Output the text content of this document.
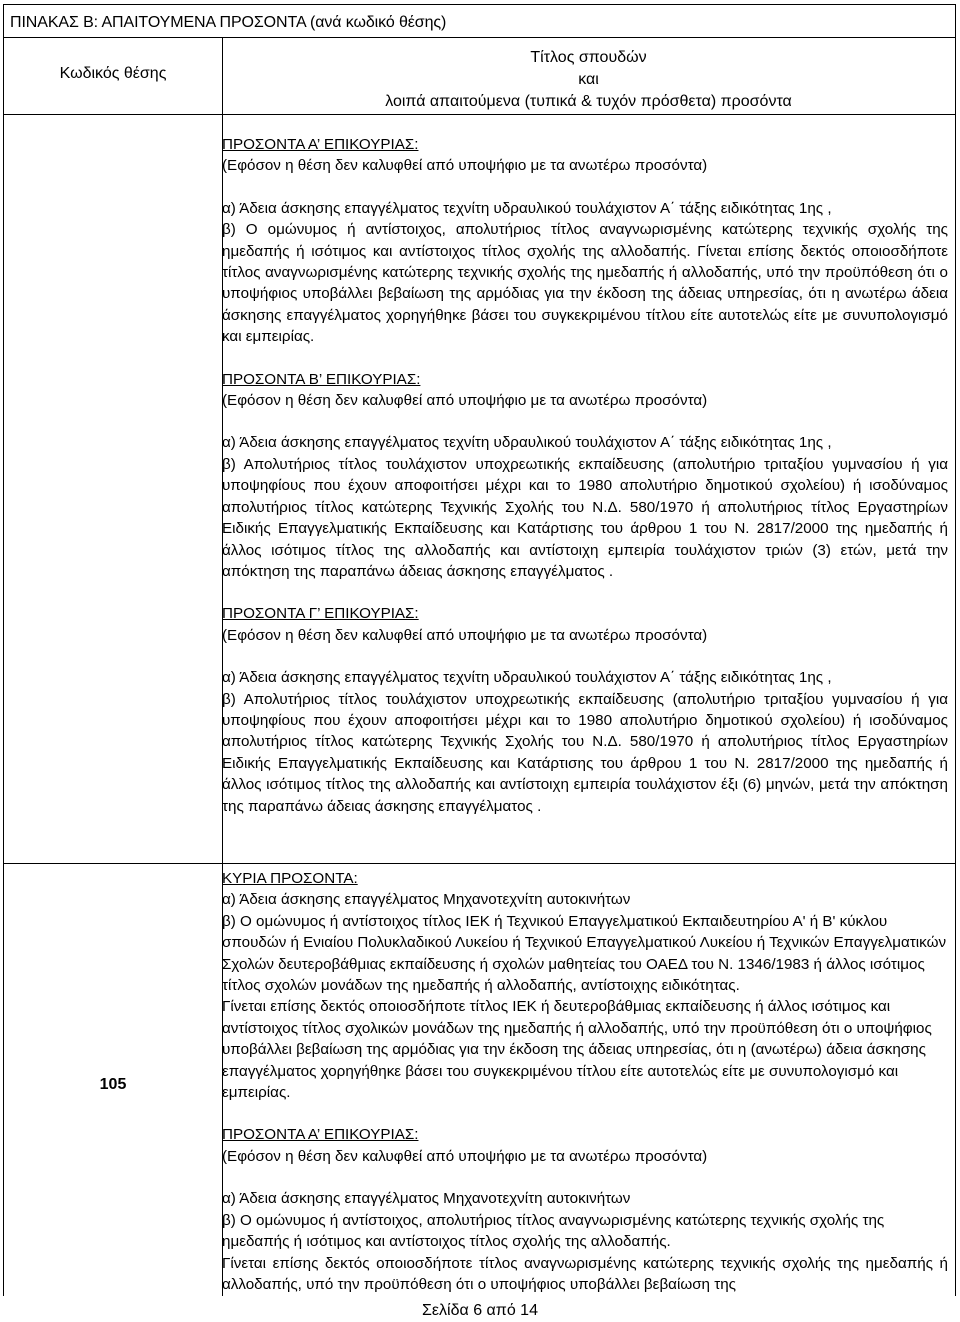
ΠΙΝΑΚΑΣ Β: ΑΠΑΙΤΟΥΜΕΝΑ ΠΡΟΣΟΝΤΑ (ανά κωδικό θέσης)
Κωδικός θέσης
Τίτλος σπουδών
και
λοιπά απαιτούμενα (τυπικά & τυχόν πρόσθετα) προσόντα
105

ΠΡΟΣΟΝΤΑ Α’ ΕΠΙΚΟΥΡΙΑΣ:

(Εφόσον η θέση δεν καλυφθεί από υποψήφιο με τα ανωτέρω προσόντα)

α) Άδεια άσκησης επαγγέλματος τεχνίτη υδραυλικού τουλάχιστον Α΄ τάξης ειδικότητας 1ης ,

β) Ο ομώνυμος ή αντίστοιχος, απολυτήριος τίτλος αναγνωρισμένης κατώτερης τεχνικής σχολής της ημεδαπής ή ισότιμος και αντίστοιχος τίτλος σχολής της αλλοδαπής. Γίνεται επίσης δεκτός οποιοσδήποτε τίτλος αναγνωρισμένης κατώτερης τεχνικής σχολής της ημεδαπής ή αλλοδαπής, υπό την προϋπόθεση ότι ο υποψήφιος υποβάλλει βεβαίωση της αρμόδιας για την έκδοση της άδειας υπηρεσίας, ότι η ανωτέρω άδεια άσκησης επαγγέλματος χορηγήθηκε βάσει του συγκεκριμένου τίτλου είτε αυτοτελώς είτε με συνυπολογισμό και εμπειρίας.

ΠΡΟΣΟΝΤΑ Β’ ΕΠΙΚΟΥΡΙΑΣ:

(Εφόσον η θέση δεν καλυφθεί από υποψήφιο με τα ανωτέρω προσόντα)

α) Άδεια άσκησης επαγγέλματος τεχνίτη υδραυλικού τουλάχιστον Α΄ τάξης ειδικότητας 1ης ,

β) Απολυτήριος τίτλος τουλάχιστον υποχρεωτικής εκπαίδευσης (απολυτήριο τριταξίου γυμνασίου ή για υποψηφίους που έχουν αποφοιτήσει μέχρι και το 1980 απολυτήριο δημοτικού σχολείου) ή ισοδύναμος απολυτήριος τίτλος κατώτερης Τεχνικής Σχολής του Ν.Δ. 580/1970 ή απολυτήριος τίτλος Εργαστηρίων Ειδικής Επαγγελματικής Εκπαίδευσης και Κατάρτισης του άρθρου 1 του Ν. 2817/2000 της ημεδαπής ή άλλος ισότιμος τίτλος της αλλοδαπής και αντίστοιχη εμπειρία τουλάχιστον τριών (3) ετών, μετά την απόκτηση της παραπάνω άδειας άσκησης επαγγέλματος .

ΠΡΟΣΟΝΤΑ Γ’ ΕΠΙΚΟΥΡΙΑΣ:

(Εφόσον η θέση δεν καλυφθεί από υποψήφιο με τα ανωτέρω προσόντα)

α) Άδεια άσκησης επαγγέλματος τεχνίτη υδραυλικού τουλάχιστον Α΄ τάξης ειδικότητας 1ης ,

β) Απολυτήριος τίτλος τουλάχιστον υποχρεωτικής εκπαίδευσης (απολυτήριο τριταξίου γυμνασίου ή για υποψηφίους που έχουν αποφοιτήσει μέχρι και το 1980 απολυτήριο δημοτικού σχολείου) ή ισοδύναμος απολυτήριος τίτλος κατώτερης Τεχνικής Σχολής του Ν.Δ. 580/1970 ή απολυτήριος τίτλος Εργαστηρίων Ειδικής Επαγγελματικής Εκπαίδευσης και Κατάρτισης του άρθρου 1 του Ν. 2817/2000 της ημεδαπής ή άλλος ισότιμος τίτλος της αλλοδαπής και αντίστοιχη εμπειρία τουλάχιστον έξι (6) μηνών, μετά την απόκτηση της παραπάνω άδειας άσκησης επαγγέλματος .

ΚΥΡΙΑ ΠΡΟΣΟΝΤΑ:

α) Άδεια άσκησης επαγγέλματος Μηχανοτεχνίτη αυτοκινήτων

β) Ο ομώνυμος ή αντίστοιχος τίτλος ΙΕΚ ή Τεχνικού Επαγγελματικού Εκπαιδευτηρίου Α' ή Β' κύκλου σπουδών ή Ενιαίου Πολυκλαδικού Λυκείου ή Τεχνικού Επαγγελματικού Λυκείου ή Τεχνικών Επαγγελματικών Σχολών δευτεροβάθμιας εκπαίδευσης ή σχολών μαθητείας του ΟΑΕΔ του Ν. 1346/1983 ή άλλος ισότιμος τίτλος σχολών μονάδων της ημεδαπής ή αλλοδαπής, αντίστοιχης ειδικότητας.

Γίνεται επίσης δεκτός οποιοσδήποτε τίτλος ΙΕΚ ή δευτεροβάθμιας εκπαίδευσης ή άλλος ισότιμος και αντίστοιχος τίτλος σχολικών μονάδων της ημεδαπής ή αλλοδαπής, υπό την προϋπόθεση ότι ο υποψήφιος υποβάλλει βεβαίωση της αρμόδιας για την έκδοση της άδειας υπηρεσίας, ότι η (ανωτέρω) άδεια άσκησης επαγγέλματος χορηγήθηκε βάσει του συγκεκριμένου τίτλου είτε αυτοτελώς είτε με συνυπολογισμό και εμπειρίας.

ΠΡΟΣΟΝΤΑ Α’ ΕΠΙΚΟΥΡΙΑΣ:

(Εφόσον η θέση δεν καλυφθεί από υποψήφιο με τα ανωτέρω προσόντα)

α) Άδεια άσκησης επαγγέλματος Μηχανοτεχνίτη αυτοκινήτων

β) Ο ομώνυμος ή αντίστοιχος, απολυτήριος τίτλος αναγνωρισμένης κατώτερης τεχνικής σχολής της ημεδαπής ή ισότιμος και αντίστοιχος τίτλος σχολής της αλλοδαπής.

Γίνεται επίσης δεκτός οποιοσδήποτε τίτλος αναγνωρισμένης κατώτερης τεχνικής σχολής της ημεδαπής ή αλλοδαπής, υπό την προϋπόθεση ότι ο υποψήφιος υποβάλλει βεβαίωση της

Σελίδα 6 από 14
